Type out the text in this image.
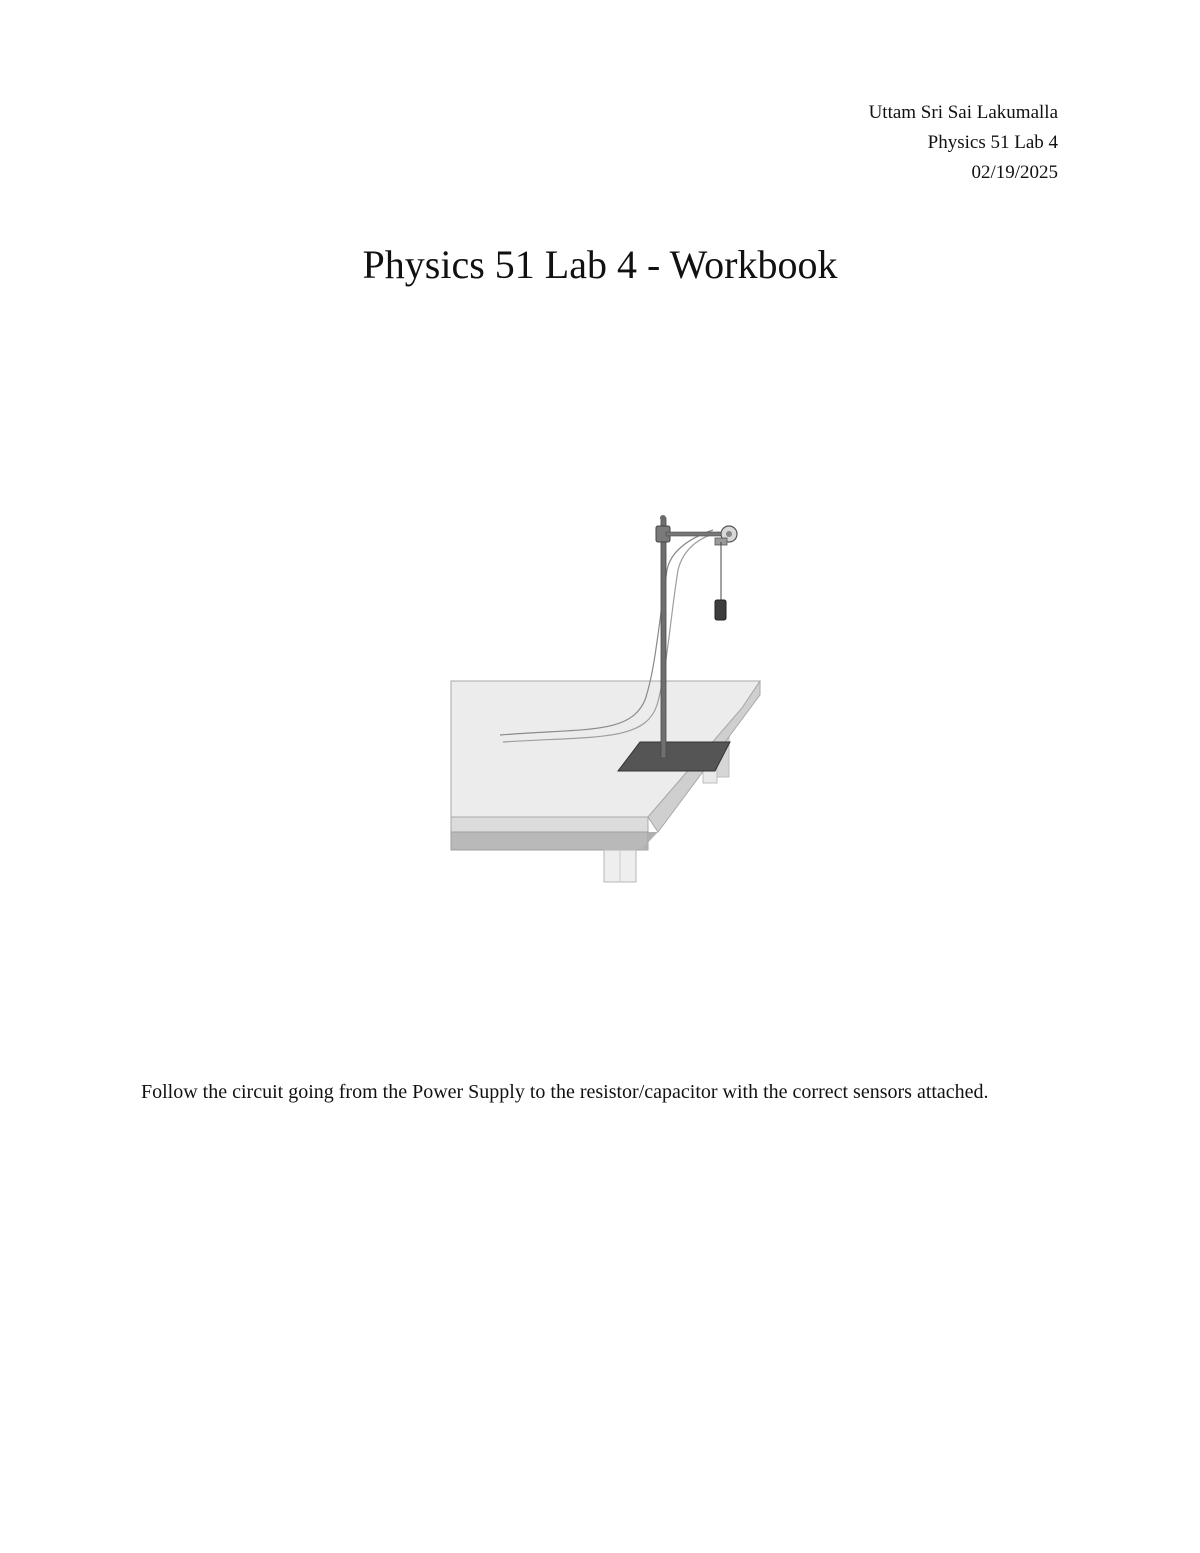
Uttam Sri Sai Lakumalla
Physics 51 Lab 4
02/19/2025
Physics 51 Lab 4 - Workbook

Follow the circuit going from the Power Supply to the resistor/capacitor with the correct sensors attached.
